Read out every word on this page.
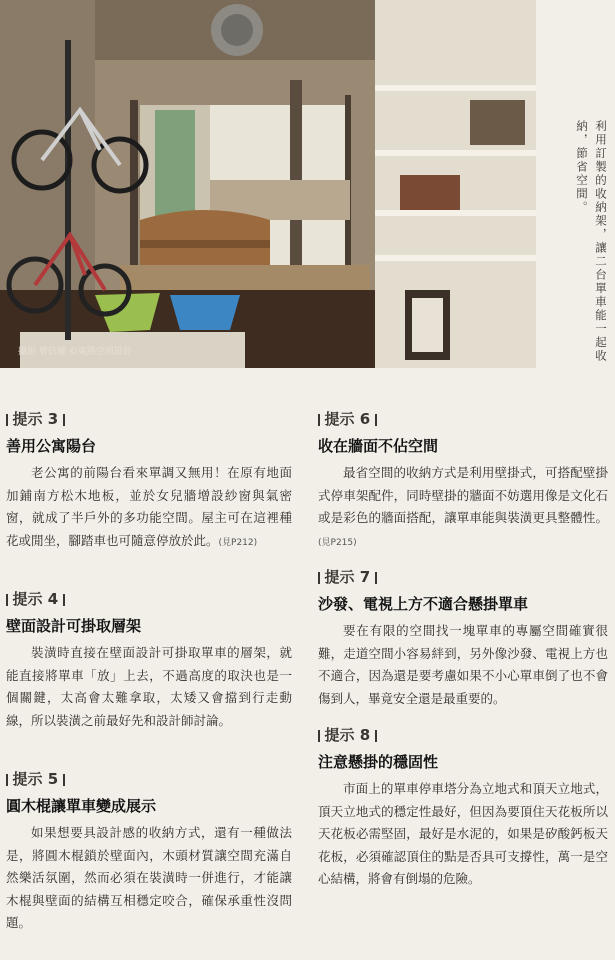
攝影 曾信耀 ©東路空間設計	利用訂製的收納架，讓二台單車能一起收納，節省空間。
提示 3
善用公寓陽台
老公寓的前陽台看來單調又無用！在原有地面加鋪南方松木地板，並於女兒牆增設紗窗與氣密窗，就成了半戶外的多功能空間。屋主可在這裡種花或閒坐，腳踏車也可隨意停放於此。(見P212)
提示 4
壁面設計可掛取層架
裝潢時直接在壁面設計可掛取單車的層架，就能直接將單車「放」上去，不過高度的取決也是一個關鍵，太高會太難拿取，太矮又會擋到行走動線，所以裝潢之前最好先和設計師討論。
提示 5
圓木棍讓單車變成展示
如果想要具設計感的收納方式，還有一種做法是，將圓木棍鎖於壁面內，木頭材質讓空間充滿自然樂活氛圍，然而必須在裝潢時一併進行，才能讓木棍與壁面的結構互相穩定咬合，確保承重性沒問題。
提示 6
收在牆面不佔空間
最省空間的收納方式是利用壁掛式，可搭配壁掛式停車架配件，同時壁掛的牆面不妨選用像是文化石或是彩色的牆面搭配，讓單車能與裝潢更具整體性。(見P215)
提示 7
沙發、電視上方不適合懸掛單車
要在有限的空間找一塊單車的專屬空間確實很難，走道空間小容易絆到，另外像沙發、電視上方也不適合，因為還是要考慮如果不小心單車倒了也不會傷到人，畢竟安全還是最重要的。
提示 8
注意懸掛的穩固性
市面上的單車停車塔分為立地式和頂天立地式，頂天立地式的穩定性最好，但因為要頂住天花板所以天花板必需堅固，最好是水泥的，如果是矽酸鈣板天花板，必須確認頂住的點是否具可支撐性，萬一是空心結構，將會有倒塌的危險。
